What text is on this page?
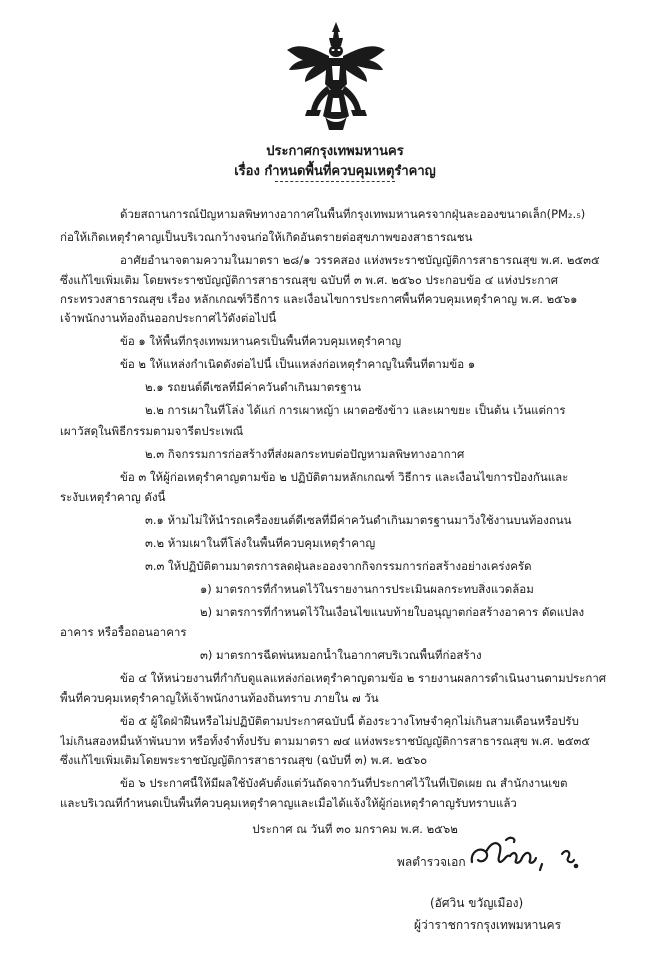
ประกาศกรุงเทพมหานคร
เรื่อง กำหนดพื้นที่ควบคุมเหตุรำคาญ
ด้วยสถานการณ์ปัญหามลพิษทางอากาศในพื้นที่กรุงเทพมหานครจากฝุ่นละอองขนาดเล็ก(PM₂.₅)
ก่อให้เกิดเหตุรำคาญเป็นบริเวณกว้างจนก่อให้เกิดอันตรายต่อสุขภาพของสาธารณชน
อาศัยอำนาจตามความในมาตรา ๒๘/๑ วรรคสอง แห่งพระราชบัญญัติการสาธารณสุข พ.ศ. ๒๕๓๕
ซึ่งแก้ไขเพิ่มเติม โดยพระราชบัญญัติการสาธารณสุข ฉบับที่ ๓ พ.ศ. ๒๕๖๐ ประกอบข้อ ๔ แห่งประกาศ
กระทรวงสาธารณสุข เรื่อง หลักเกณฑ์วิธีการ และเงื่อนไขการประกาศพื้นที่ควบคุมเหตุรำคาญ พ.ศ. ๒๕๖๑
เจ้าพนักงานท้องถิ่นออกประกาศไว้ดังต่อไปนี้
ข้อ ๑ ให้พื้นที่กรุงเทพมหานครเป็นพื้นที่ควบคุมเหตุรำคาญ
ข้อ ๒ ให้แหล่งกำเนิดดังต่อไปนี้ เป็นแหล่งก่อเหตุรำคาญในพื้นที่ตามข้อ ๑
๒.๑ รถยนต์ดีเซลที่มีค่าควันดำเกินมาตรฐาน
๒.๒ การเผาในที่โล่ง ได้แก่ การเผาหญ้า เผาตอซังข้าว และเผาขยะ เป็นต้น เว้นแต่การ
เผาวัสดุในพิธีกรรมตามจารีตประเพณี
๒.๓ กิจกรรมการก่อสร้างที่ส่งผลกระทบต่อปัญหามลพิษทางอากาศ
ข้อ ๓ ให้ผู้ก่อเหตุรำคาญตามข้อ ๒ ปฏิบัติตามหลักเกณฑ์ วิธีการ และเงื่อนไขการป้องกันและ
ระงับเหตุรำคาญ ดังนี้
๓.๑ ห้ามไม่ให้นำรถเครื่องยนต์ดีเซลที่มีค่าควันดำเกินมาตรฐานมาวิ่งใช้งานบนท้องถนน
๓.๒ ห้ามเผาในที่โล่งในพื้นที่ควบคุมเหตุรำคาญ
๓.๓ ให้ปฏิบัติตามมาตรการลดฝุ่นละอองจากกิจกรรมการก่อสร้างอย่างเคร่งครัด
๑) มาตรการที่กำหนดไว้ในรายงานการประเมินผลกระทบสิ่งแวดล้อม
๒) มาตรการที่กำหนดไว้ในเงื่อนไขแนบท้ายใบอนุญาตก่อสร้างอาคาร ดัดแปลง
อาคาร หรือรื้อถอนอาคาร
๓) มาตรการฉีดพ่นหมอกน้ำในอากาศบริเวณพื้นที่ก่อสร้าง
ข้อ ๔ ให้หน่วยงานที่กำกับดูแลแหล่งก่อเหตุรำคาญตามข้อ ๒ รายงานผลการดำเนินงานตามประกาศ
พื้นที่ควบคุมเหตุรำคาญให้เจ้าพนักงานท้องถิ่นทราบ ภายใน ๗ วัน
ข้อ ๕ ผู้ใดฝ่าฝืนหรือไม่ปฏิบัติตามประกาศฉบับนี้ ต้องระวางโทษจำคุกไม่เกินสามเดือนหรือปรับ
ไม่เกินสองหมื่นห้าพันบาท หรือทั้งจำทั้งปรับ ตามมาตรา ๗๔ แห่งพระราชบัญญัติการสาธารณสุข พ.ศ. ๒๕๓๕
ซึ่งแก้ไขเพิ่มเติมโดยพระราชบัญญัติการสาธารณสุข (ฉบับที่ ๓) พ.ศ. ๒๕๖๐
ข้อ ๖ ประกาศนี้ให้มีผลใช้บังคับตั้งแต่วันถัดจากวันที่ประกาศไว้ในที่เปิดเผย ณ สำนักงานเขต
และบริเวณที่กำหนดเป็นพื้นที่ควบคุมเหตุรำคาญและเมื่อได้แจ้งให้ผู้ก่อเหตุรำคาญรับทราบแล้ว
ประกาศ ณ วันที่ ๓๐ มกราคม พ.ศ. ๒๕๖๒
พลตำรวจเอก
(อัศวิน ขวัญเมือง)
ผู้ว่าราชการกรุงเทพมหานคร
